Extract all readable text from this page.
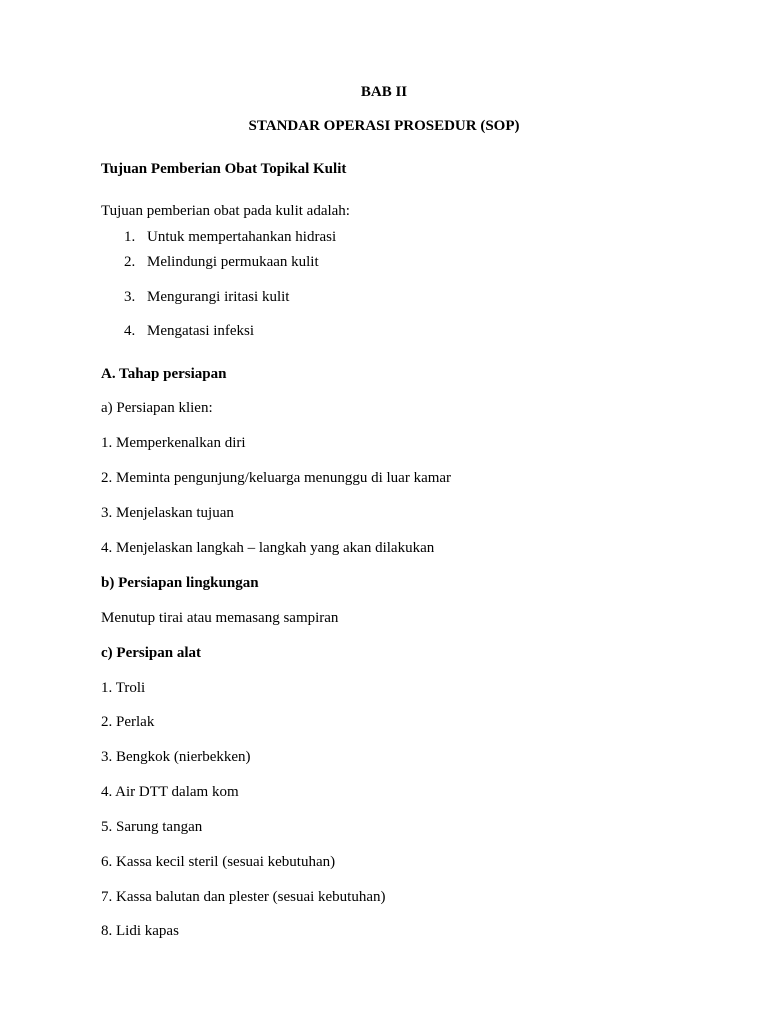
BAB II
STANDAR OPERASI PROSEDUR (SOP)
Tujuan Pemberian Obat Topikal Kulit
Tujuan pemberian obat pada kulit adalah:
1. Untuk mempertahankan hidrasi
2. Melindungi permukaan kulit
3. Mengurangi iritasi kulit
4. Mengatasi infeksi
A. Tahap persiapan
a) Persiapan klien:
1. Memperkenalkan diri
2. Meminta pengunjung/keluarga menunggu di luar kamar
3. Menjelaskan tujuan
4. Menjelaskan langkah – langkah yang akan dilakukan
b) Persiapan lingkungan
Menutup tirai atau memasang sampiran
c) Persipan alat
1. Troli
2. Perlak
3. Bengkok (nierbekken)
4. Air DTT dalam kom
5. Sarung tangan
6. Kassa kecil steril (sesuai kebutuhan)
7. Kassa balutan dan plester (sesuai kebutuhan)
8. Lidi kapas
